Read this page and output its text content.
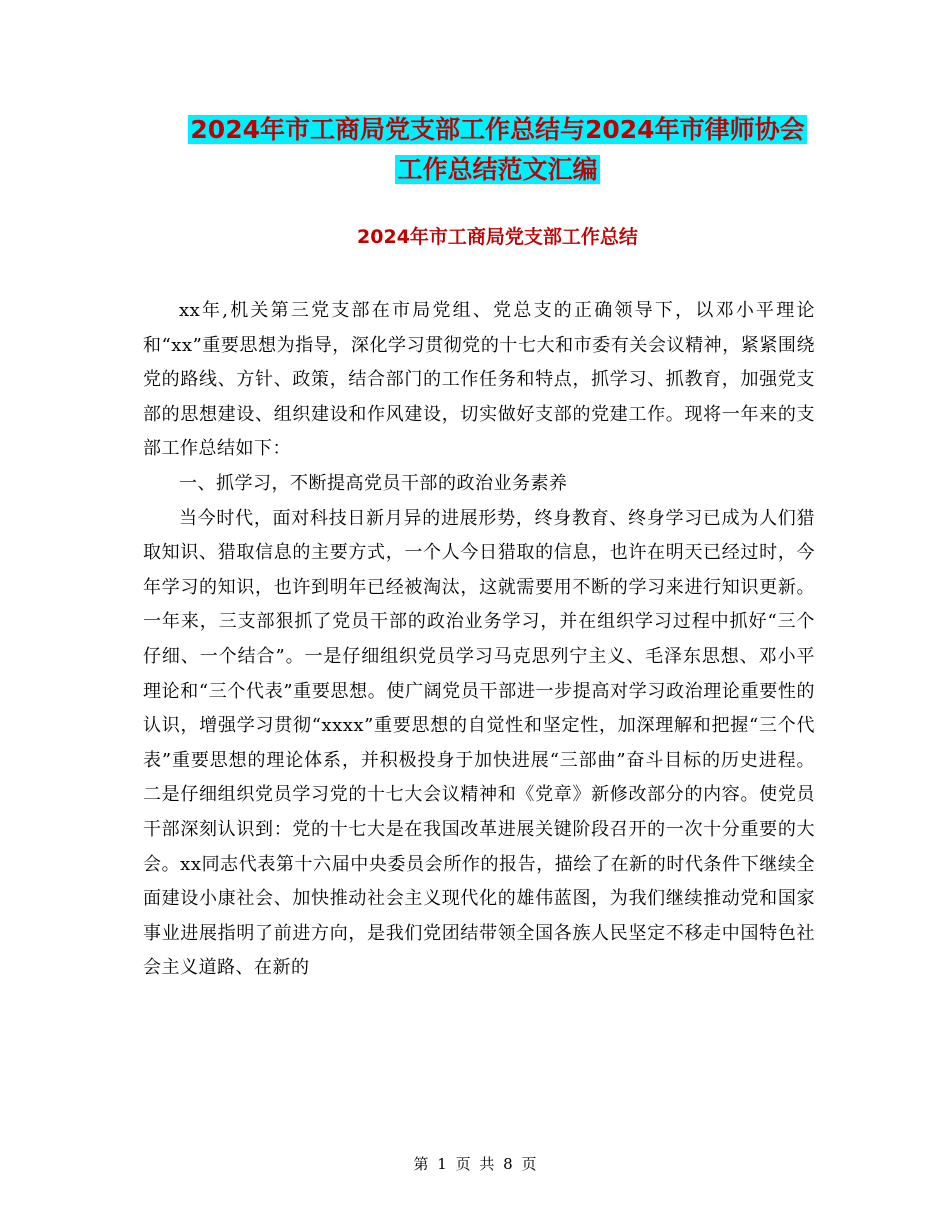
2024年市工商局党支部工作总结与2024年市律师协会
工作总结范文汇编
2024年市工商局党支部工作总结

xx年,机关第三党支部在市局党组、党总支的正确领导下，以邓小平理论和“xx”重要思想为指导，深化学习贯彻党的十七大和市委有关会议精神，紧紧围绕党的路线、方针、政策，结合部门的工作任务和特点，抓学习、抓教育，加强党支部的思想建设、组织建设和作风建设，切实做好支部的党建工作。现将一年来的支部工作总结如下：

一、抓学习，不断提高党员干部的政治业务素养

当今时代，面对科技日新月异的进展形势，终身教育、终身学习已成为人们猎取知识、猎取信息的主要方式，一个人今日猎取的信息，也许在明天已经过时，今年学习的知识，也许到明年已经被淘汰，这就需要用不断的学习来进行知识更新。一年来，三支部狠抓了党员干部的政治业务学习，并在组织学习过程中抓好“三个仔细、一个结合”。一是仔细组织党员学习马克思列宁主义、毛泽东思想、邓小平理论和“三个代表”重要思想。使广阔党员干部进一步提高对学习政治理论重要性的认识，增强学习贯彻“xxxx”重要思想的自觉性和坚定性，加深理解和把握“三个代表”重要思想的理论体系，并积极投身于加快进展“三部曲”奋斗目标的历史进程。二是仔细组织党员学习党的十七大会议精神和《党章》新修改部分的内容。使党员干部深刻认识到：党的十七大是在我国改革进展关键阶段召开的一次十分重要的大会。xx同志代表第十六届中央委员会所作的报告，描绘了在新的时代条件下继续全面建设小康社会、加快推动社会主义现代化的雄伟蓝图，为我们继续推动党和国家事业进展指明了前进方向，是我们党团结带领全国各族人民坚定不移走中国特色社会主义道路、在新的

第 1 页 共 8 页
